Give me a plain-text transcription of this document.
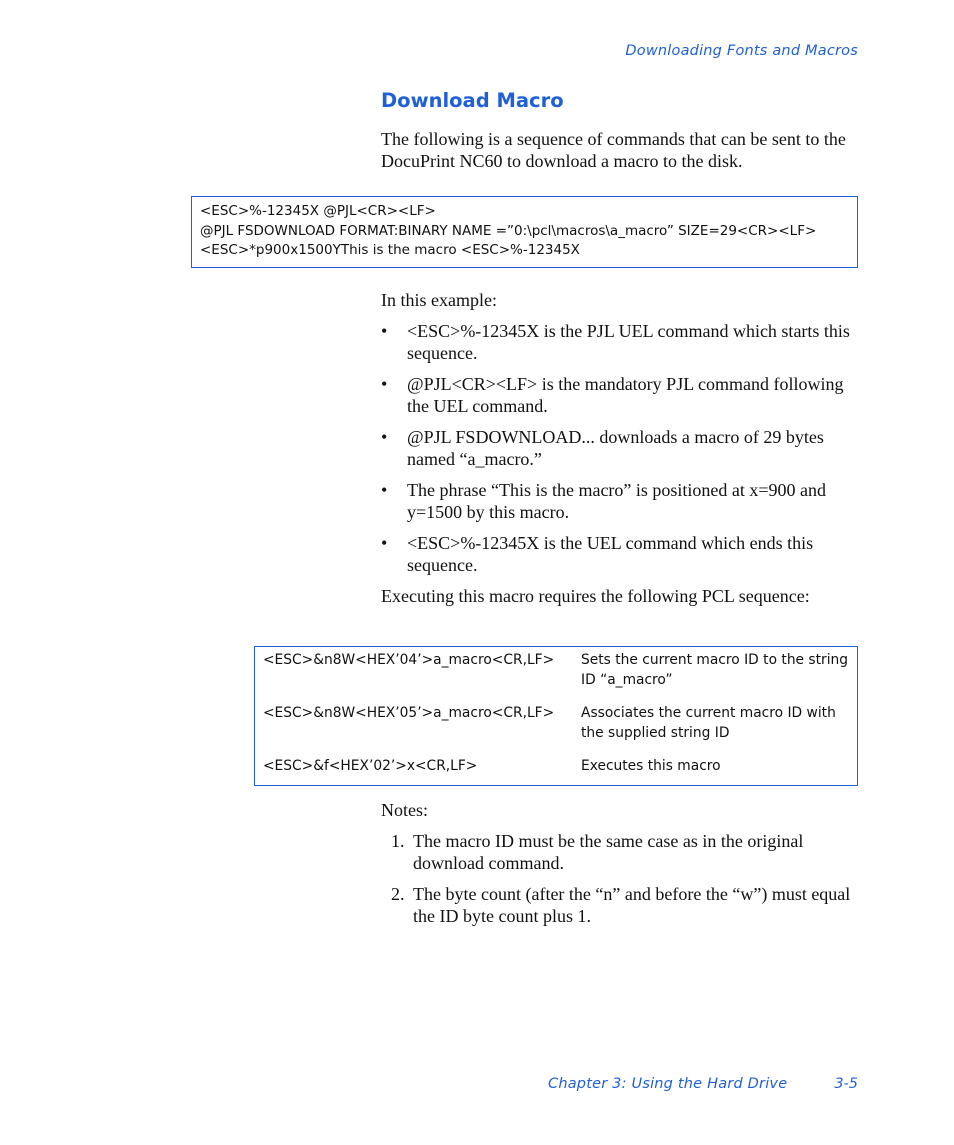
Downloading Fonts and Macros
Download Macro

The following is a sequence of commands that can be sent to the DocuPrint NC60 to download a macro to the disk.

<ESC>%-12345X @PJL<CR><LF>
@PJL FSDOWNLOAD FORMAT:BINARY NAME =”0:\pcl\macros\a_macro” SIZE=29<CR><LF>
<ESC>*p900x1500YThis is the macro <ESC>%-12345X

In this example:

• <ESC>%-12345X is the PJL UEL command which starts this sequence.
• @PJL<CR><LF> is the mandatory PJL command following the UEL command.
• @PJL FSDOWNLOAD... downloads a macro of 29 bytes named “a_macro.”
• The phrase “This is the macro” is positioned at x=900 and y=1500 by this macro.
• <ESC>%-12345X is the UEL command which ends this sequence.

Executing this macro requires the following PCL sequence:

<ESC>&n8W<HEX’04’>a_macro<CR,LF> Sets the current macro ID to the string ID “a_macro”
<ESC>&n8W<HEX’05’>a_macro<CR,LF> Associates the current macro ID with the supplied string ID
<ESC>&f<HEX’02’>x<CR,LF>	Executes this macro

Notes:

1. The macro ID must be the same case as in the original download command.
2. The byte count (after the “n” and before the “w”) must equal the ID byte count plus 1.
Chapter 3: Using the Hard Drive	3-5
